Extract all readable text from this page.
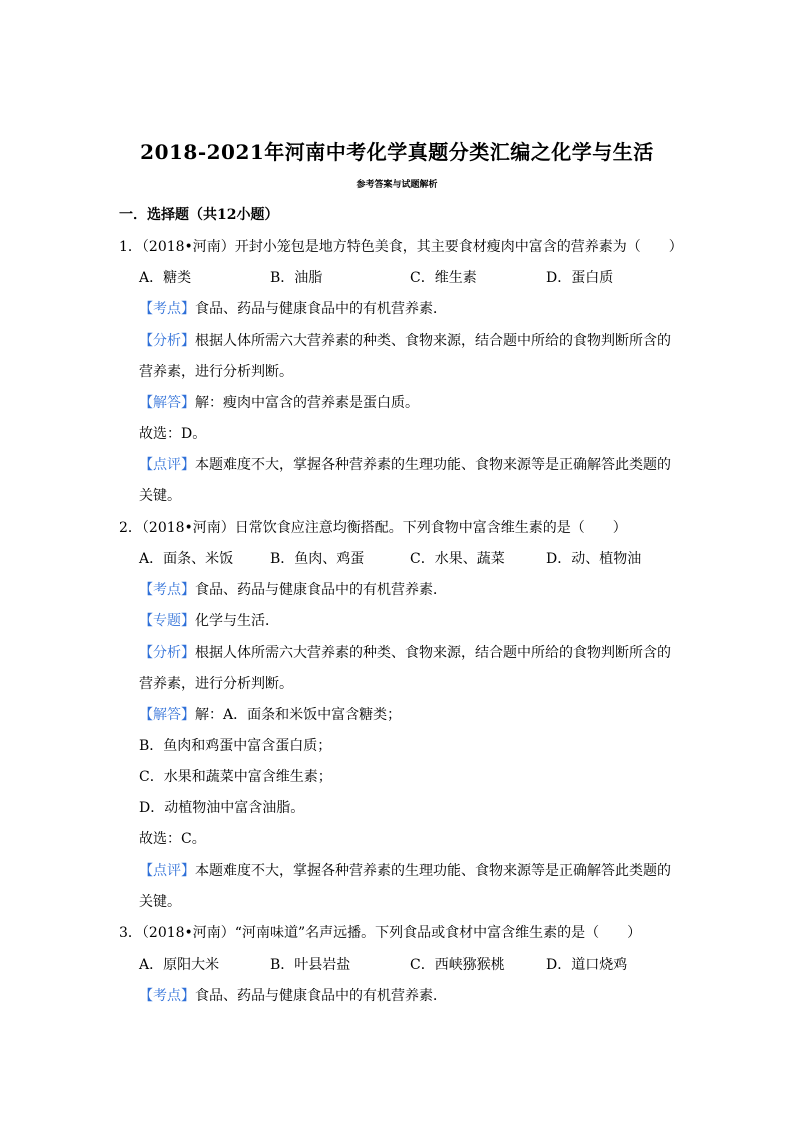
2018-2021年河南中考化学真题分类汇编之化学与生活
参考答案与试题解析
一．选择题（共12小题）
1．（2018•河南）开封小笼包是地方特色美食，其主要食材瘦肉中富含的营养素为（　　）
A．糖类	B．油脂	C．维生素	D．蛋白质
【考点】食品、药品与健康食品中的有机营养素．
【分析】根据人体所需六大营养素的种类、食物来源，结合题中所给的食物判断所含的
营养素，进行分析判断。
【解答】解：瘦肉中富含的营养素是蛋白质。
故选：D。
【点评】本题难度不大，掌握各种营养素的生理功能、食物来源等是正确解答此类题的
关键。
2．（2018•河南）日常饮食应注意均衡搭配。下列食物中富含维生素的是（　　）
A．面条、米饭	B．鱼肉、鸡蛋	C．水果、蔬菜	D．动、植物油
【考点】食品、药品与健康食品中的有机营养素．
【专题】化学与生活．
【分析】根据人体所需六大营养素的种类、食物来源，结合题中所给的食物判断所含的
营养素，进行分析判断。
【解答】解：A．面条和米饭中富含糖类；
B．鱼肉和鸡蛋中富含蛋白质；
C．水果和蔬菜中富含维生素；
D．动植物油中富含油脂。
故选：C。
【点评】本题难度不大，掌握各种营养素的生理功能、食物来源等是正确解答此类题的
关键。
3．（2018•河南）“河南味道”名声远播。下列食品或食材中富含维生素的是（　　）
A．原阳大米	B．叶县岩盐	C．西峡猕猴桃	D．道口烧鸡
【考点】食品、药品与健康食品中的有机营养素．
